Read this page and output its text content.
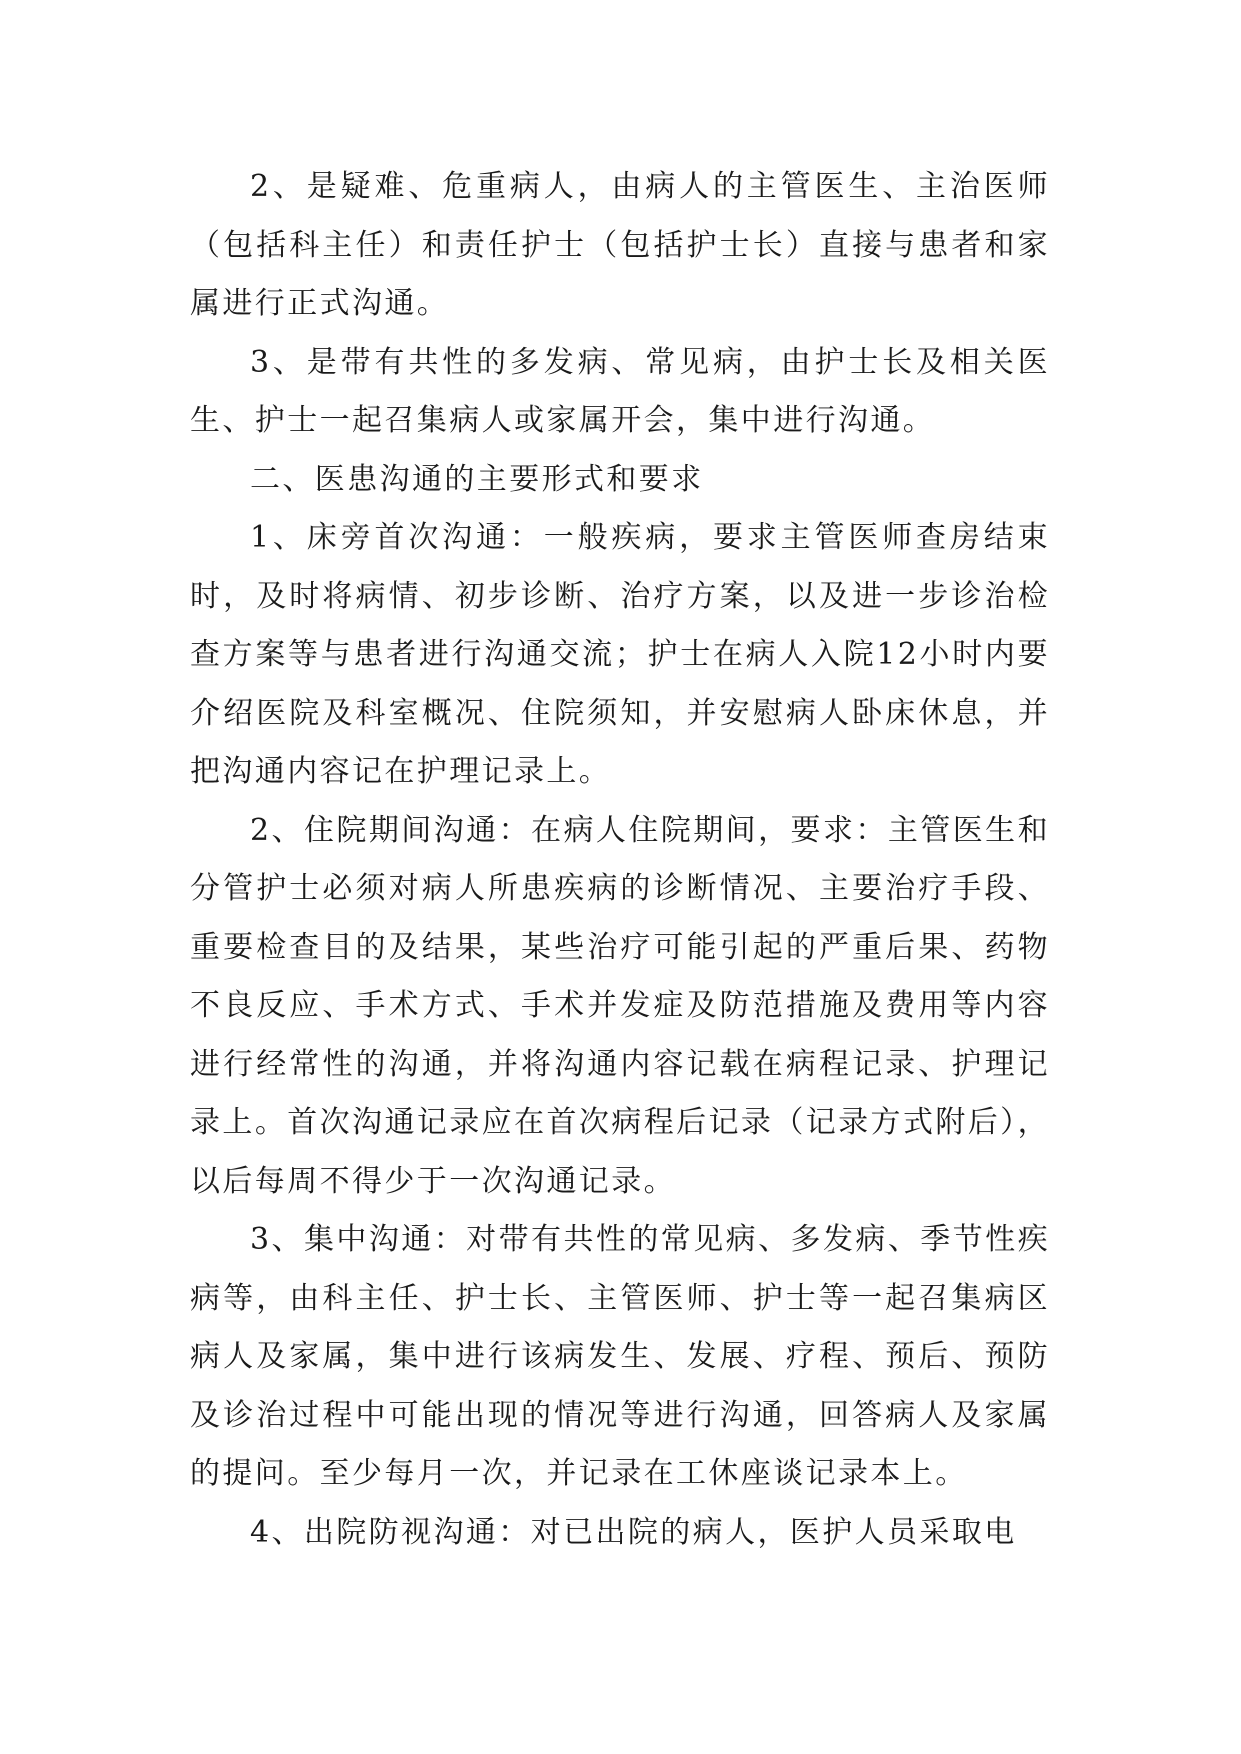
2、是疑难、危重病人，由病人的主管医生、主治医师（包括科主任）和责任护士（包括护士长）直接与患者和家属进行正式沟通。

3、是带有共性的多发病、常见病，由护士长及相关医生、护士一起召集病人或家属开会，集中进行沟通。

二、医患沟通的主要形式和要求

1、床旁首次沟通：一般疾病，要求主管医师查房结束时，及时将病情、初步诊断、治疗方案，以及进一步诊治检查方案等与患者进行沟通交流；护士在病人入院12小时内要介绍医院及科室概况、住院须知，并安慰病人卧床休息，并把沟通内容记在护理记录上。

2、住院期间沟通：在病人住院期间，要求：主管医生和分管护士必须对病人所患疾病的诊断情况、主要治疗手段、重要检查目的及结果，某些治疗可能引起的严重后果、药物不良反应、手术方式、手术并发症及防范措施及费用等内容进行经常性的沟通，并将沟通内容记载在病程记录、护理记录上。首次沟通记录应在首次病程后记录（记录方式附后），以后每周不得少于一次沟通记录。

3、集中沟通：对带有共性的常见病、多发病、季节性疾病等，由科主任、护士长、主管医师、护士等一起召集病区病人及家属，集中进行该病发生、发展、疗程、预后、预防及诊治过程中可能出现的情况等进行沟通，回答病人及家属的提问。至少每月一次，并记录在工休座谈记录本上。

4、出院防视沟通：对已出院的病人，医护人员采取电
